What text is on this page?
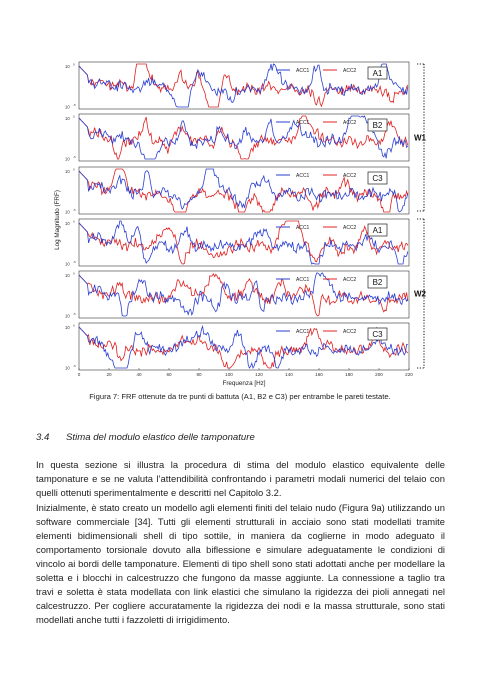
10 0
10 -5
ACC1	ACC2 A1
10 0
10 -5
ACC1	ACC2 B2
10 0
10 -5
ACC1	ACC2 C3
10 0
10 -5
ACC1	ACC2 A1
10 0
10 -5
ACC1	ACC2 B2
10 0
10 -5
ACC1	ACC2 C3
0	20	40	60	80	100	120	140	160	180	200	220
Frequenza [Hz]
Log Magnitudo (FRF)
W1
W2
Figura 7: FRF ottenute da tre punti di battuta (A1, B2 e C3) per entrambe le pareti testate.
3.4 Stima del modulo elastico delle tamponature
In questa sezione si illustra la procedura di stima del modulo elastico equivalente delle tamponature e se ne valuta l’attendibilità confrontando i parametri modali numerici del telaio con quelli ottenuti sperimentalmente e descritti nel Capitolo 3.2.
Inizialmente, è stato creato un modello agli elementi finiti del telaio nudo (Figura 9a) utilizzando un software commerciale [34]. Tutti gli elementi strutturali in acciaio sono stati modellati tramite elementi bidimensionali shell di tipo sottile, in maniera da coglierne in modo adeguato il comportamento torsionale dovuto alla biflessione e simulare adeguatamente le condizioni di vincolo ai bordi delle tamponature. Elementi di tipo shell sono stati adottati anche per modellare la soletta e i blocchi in calcestruzzo che fungono da masse aggiunte. La connessione a taglio tra travi e soletta è stata modellata con link elastici che simulano la rigidezza dei pioli annegati nel calcestruzzo. Per cogliere accuratamente la rigidezza dei nodi e la massa strutturale, sono stati modellati anche tutti i fazzoletti di irrigidimento.
